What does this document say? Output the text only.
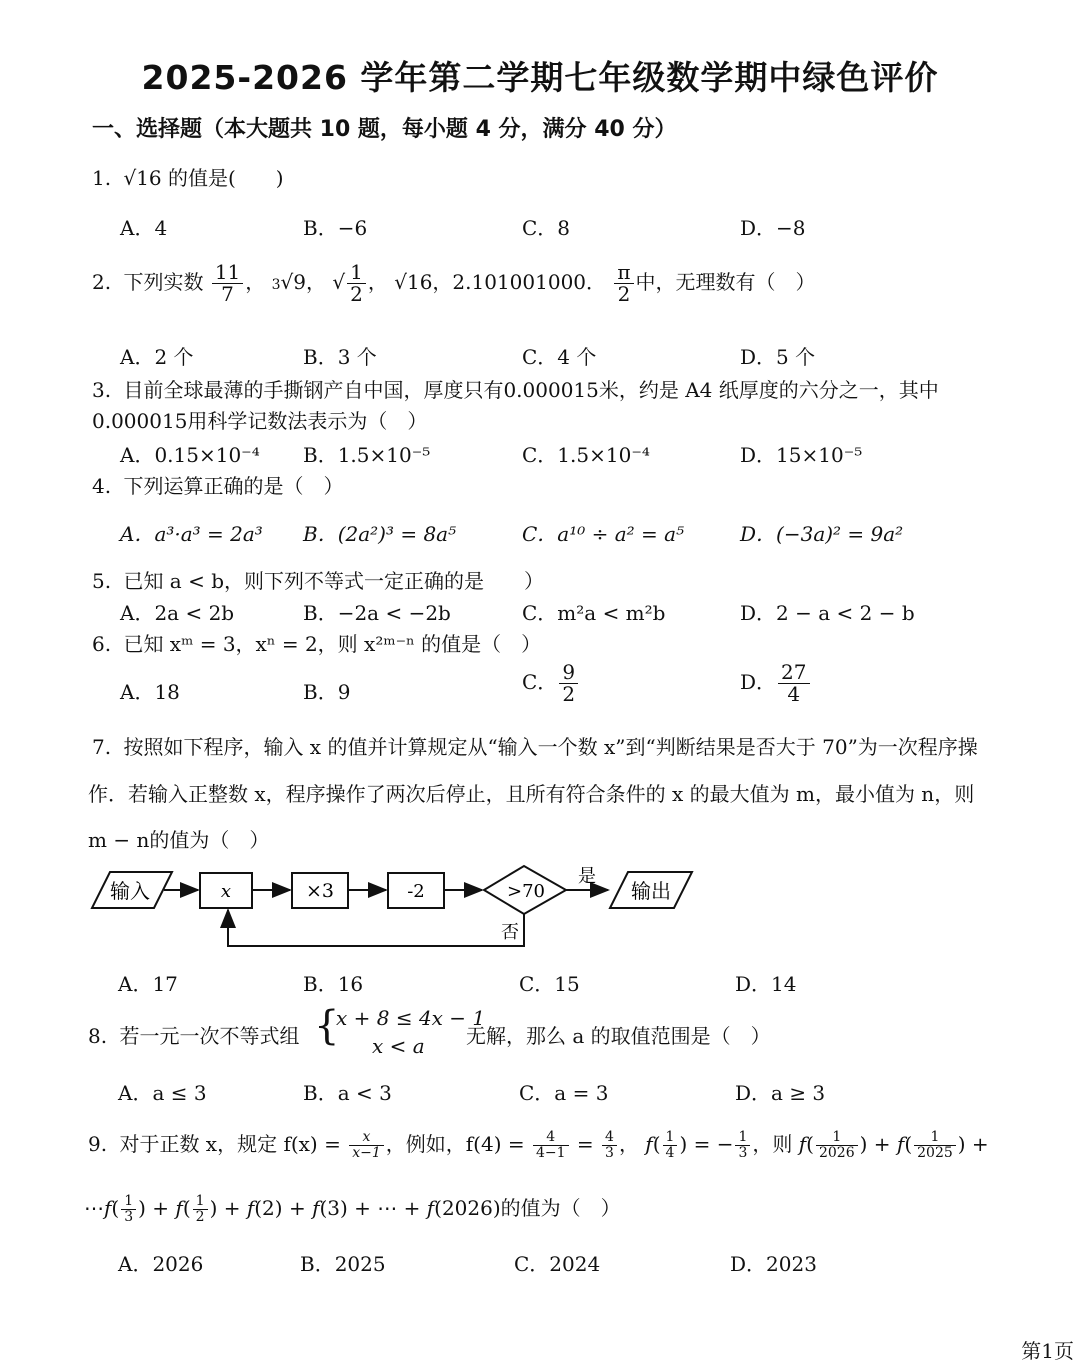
2025-2026 学年第二学期七年级数学期中绿色评价
一、选择题（本大题共 10 题，每小题 4 分，满分 40 分）
1. √16 的值是(　　)
A．4	B．−6	C．8	D．−8
2. 下列实数 $\frac{11}{7}$ ， 3√9， √ $\frac{1}{2}$ ， √16，2.101001000． $\frac{\pi}{2}$ 中，无理数有（　）
A．2 个	B．3 个	C．4 个	D．5 个
3. 目前全球最薄的手撕钢产自中国，厚度只有0.000015米，约是 A4 纸厚度的六分之一，其中
0.000015用科学记数法表示为（　）
A．0.15×10⁻⁴ B．1.5×10⁻⁵	C．1.5×10⁻⁴	D．15×10⁻⁵
4. 下列运算正确的是（　）
A．a³·a³ = 2a³ B．(2a²)³ = 8a⁵	C．a¹⁰ ÷ a² = a⁵	D．(−3a)² = 9a²
5. 已知 a < b，则下列不等式一定正确的是　　）
A．2a < 2b	B．−2a < −2b	C．m²a < m²b	D．2 − a < 2 − b
6. 已知 xᵐ = 3，xⁿ = 2，则 x²ᵐ⁻ⁿ 的值是（　）
A．18	B．9	C． $\frac{9}{2}$	D． $\frac{27}{4}$
7. 按照如下程序，输入 x 的值并计算规定从“输入一个数 x”到“判断结果是否大于 70”为一次程序操
作．若输入正整数 x，程序操作了两次后停止，且所有符合条件的 x 的最大值为 m，最小值为 n，则
m − n的值为（　）
输入	x	×3	-2	>70
是
输出
否
A．17	B．16	C．15	D．14
8. 若一元一次不等式组 {
x + 8 ≤ 4x − 1
x < a 无解，那么 a 的取值范围是（　）
A．a ≤ 3	B．a < 3	C．a = 3	D．a ≥ 3
9. 对于正数 x，规定 $f(x) = \frac{x}{x-1}$ ，例如，$f(4) = \frac{4}{4-1} = \frac{4}{3}$ ， $f( \frac{1}{4}$ ) = − $\frac{1}{3}$ ，则 $f( \frac{1}{2026}$ ) + $f( \frac{1}{2025}$ ) +
⋯f( $\frac{1}{3}$ ) + $f( \frac{1}{2}$ ) + f(2) + f(3) + ⋯ + f(2026)的值为（　）
A．2026	B．2025	C．2024	D．2023
第1页
